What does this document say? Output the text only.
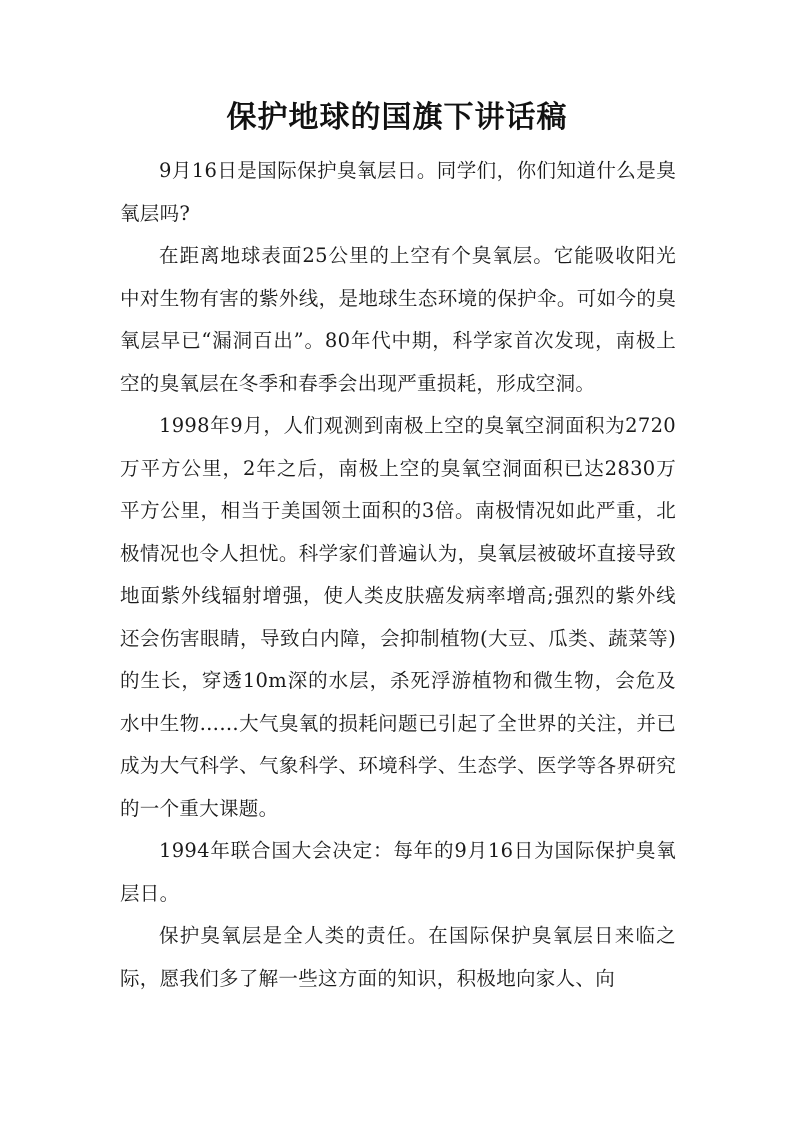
保护地球的国旗下讲话稿

9月16日是国际保护臭氧层日。同学们，你们知道什么是臭氧层吗?

在距离地球表面25公里的上空有个臭氧层。它能吸收阳光中对生物有害的紫外线，是地球生态环境的保护伞。可如今的臭氧层早已“漏洞百出”。80年代中期，科学家首次发现，南极上空的臭氧层在冬季和春季会出现严重损耗，形成空洞。

1998年9月，人们观测到南极上空的臭氧空洞面积为2720万平方公里，2年之后，南极上空的臭氧空洞面积已达2830万平方公里，相当于美国领土面积的3倍。南极情况如此严重，北极情况也令人担忧。科学家们普遍认为，臭氧层被破坏直接导致地面紫外线辐射增强，使人类皮肤癌发病率增高;强烈的紫外线还会伤害眼睛，导致白内障，会抑制植物(大豆、瓜类、蔬菜等)的生长，穿透10m深的水层，杀死浮游植物和微生物，会危及水中生物……大气臭氧的损耗问题已引起了全世界的关注，并已成为大气科学、气象科学、环境科学、生态学、医学等各界研究的一个重大课题。

1994年联合国大会决定：每年的9月16日为国际保护臭氧层日。

保护臭氧层是全人类的责任。在国际保护臭氧层日来临之际，愿我们多了解一些这方面的知识，积极地向家人、向
